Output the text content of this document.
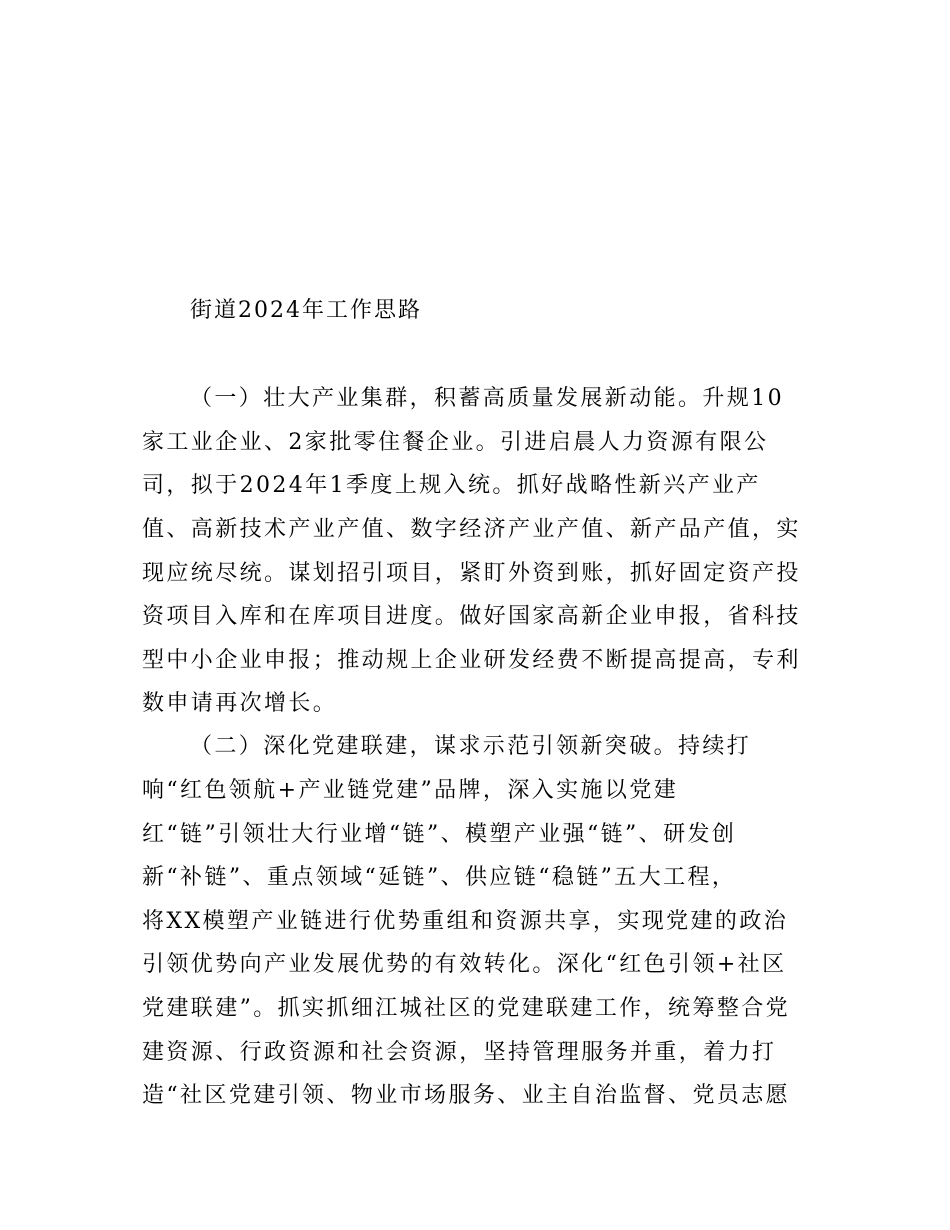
街道2024年工作思路
（一）壮大产业集群，积蓄高质量发展新动能。升规10
家工业企业、2家批零住餐企业。引进启晨人力资源有限公
司，拟于2024年1季度上规入统。抓好战略性新兴产业产
值、高新技术产业产值、数字经济产业产值、新产品产值，实
现应统尽统。谋划招引项目，紧盯外资到账，抓好固定资产投
资项目入库和在库项目进度。做好国家高新企业申报，省科技
型中小企业申报；推动规上企业研发经费不断提高提高，专利
数申请再次增长。
（二）深化党建联建，谋求示范引领新突破。持续打
响“红色领航+产业链党建”品牌，深入实施以党建
红“链”引领壮大行业增“链”、模塑产业强“链”、研发创
新“补链”、重点领域“延链”、供应链“稳链”五大工程，
将XX模塑产业链进行优势重组和资源共享，实现党建的政治
引领优势向产业发展优势的有效转化。深化“红色引领+社区
党建联建”。抓实抓细江城社区的党建联建工作，统筹整合党
建资源、行政资源和社会资源，坚持管理服务并重，着力打
造“社区党建引领、物业市场服务、业主自治监督、党员志愿
